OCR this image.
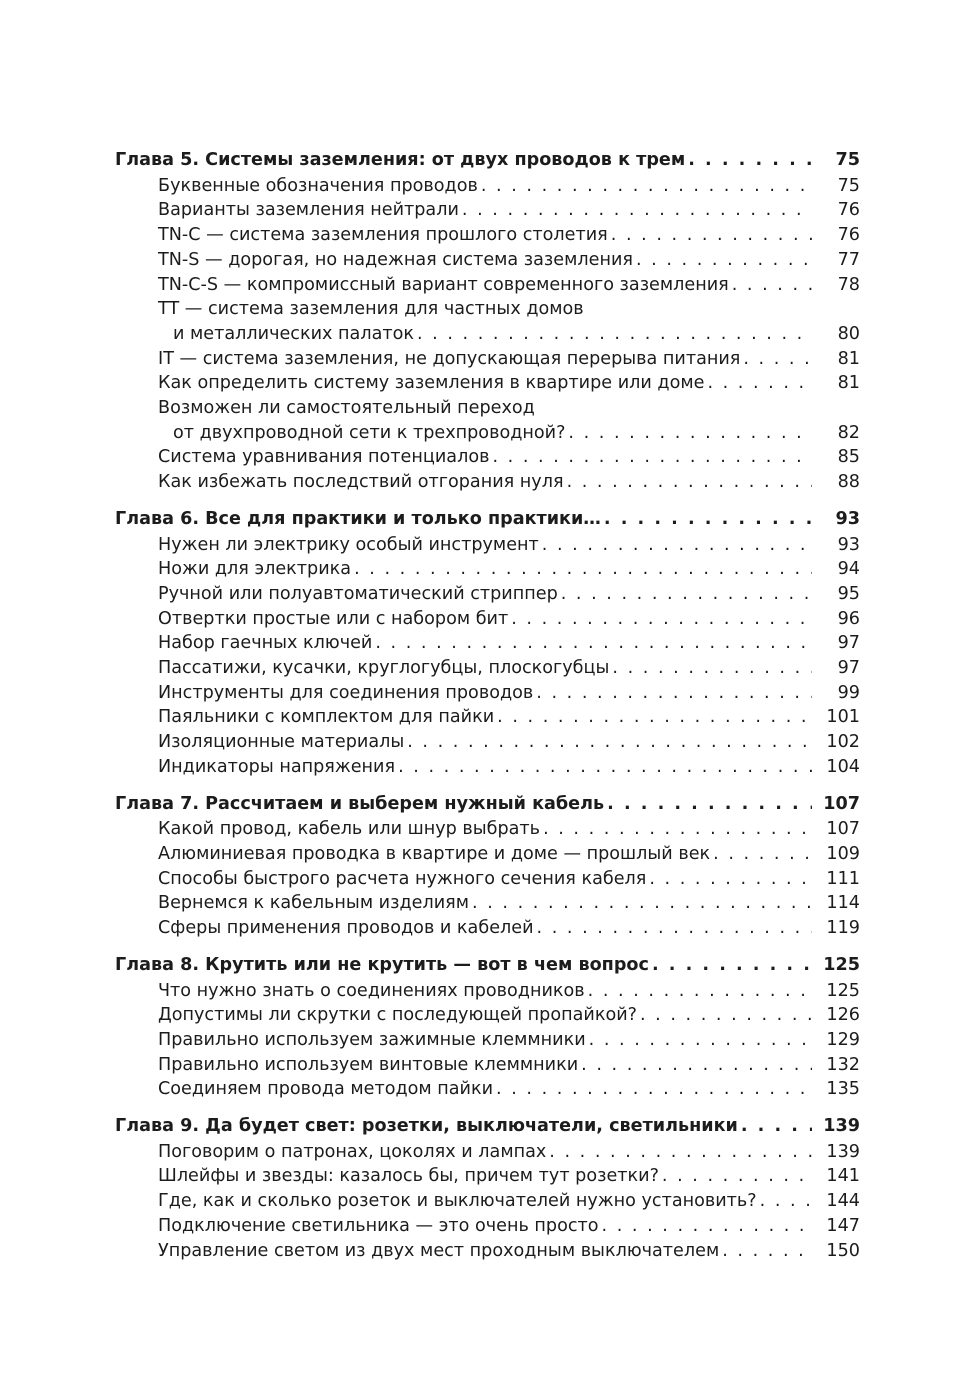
Глава 5. Системы заземления: от двух проводов к трем . . .	75
Буквенные обозначения проводов . . .	75
Варианты заземления нейтрали . . .	76
TN-C — система заземления прошлого столетия . . .	76
TN-S — дорогая, но надежная система заземления . . .	77
TN-C-S — компромиссный вариант современного заземления . . .	78
TT — система заземления для частных домов
и металлических палаток . . .	80
IT — система заземления, не допускающая перерыва питания . . .	81
Как определить систему заземления в квартире или доме . . .	81
Возможен ли самостоятельный переход
от двухпроводной сети к трехпроводной? . . .	82
Система уравнивания потенциалов . . .	85
Как избежать последствий отгорания нуля . . .	88
Глава 6. Все для практики и только практики… . . .	93
Нужен ли электрику особый инструмент . . .	93
Ножи для электрика . . .	94
Ручной или полуавтоматический стриппер . . .	95
Отвертки простые или с набором бит . . .	96
Набор гаечных ключей . . .	97
Пассатижи, кусачки, круглогубцы, плоскогубцы . . .	97
Инструменты для соединения проводов . . .	99
Паяльники с комплектом для пайки . . .	101
Изоляционные материалы . . .	102
Индикаторы напряжения . . .	104
Глава 7. Рассчитаем и выберем нужный кабель . . .	107
Какой провод, кабель или шнур выбрать . . .	107
Алюминиевая проводка в квартире и доме — прошлый век . . .	109
Способы быстрого расчета нужного сечения кабеля . . .	111
Вернемся к кабельным изделиям . . .	114
Сферы применения проводов и кабелей . . .	119
Глава 8. Крутить или не крутить — вот в чем вопрос . . .	125
Что нужно знать о соединениях проводников . . .	125
Допустимы ли скрутки с последующей пропайкой? . . .	126
Правильно используем зажимные клеммники . . .	129
Правильно используем винтовые клеммники . . .	132
Соединяем провода методом пайки . . .	135
Глава 9. Да будет свет: розетки, выключатели, светильники . . .	139
Поговорим о патронах, цоколях и лампах . . .	139
Шлейфы и звезды: казалось бы, причем тут розетки? . . .	141
Где, как и сколько розеток и выключателей нужно установить? . . .	144
Подключение светильника — это очень просто . . .	147
Управление светом из двух мест проходным выключателем . . .	150
